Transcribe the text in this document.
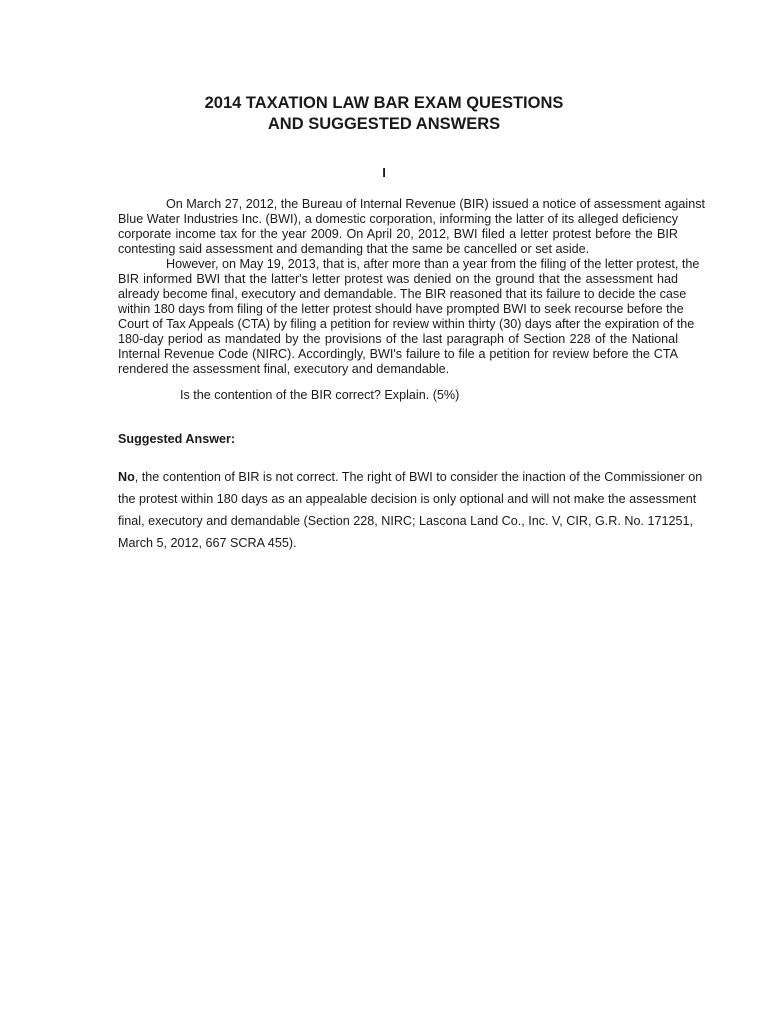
2014 TAXATION LAW BAR EXAM QUESTIONS
AND SUGGESTED ANSWERS
I
On March 27, 2012, the Bureau of Internal Revenue (BIR) issued a notice of assessment against
Blue Water Industries Inc. (BWI), a domestic corporation, informing the latter of its alleged deficiency
corporate income tax for the year 2009. On April 20, 2012, BWI filed a letter protest before the BIR
contesting said assessment and demanding that the same be cancelled or set aside.
However, on May 19, 2013, that is, after more than a year from the filing of the letter protest, the
BIR informed BWI that the latter's letter protest was denied on the ground that the assessment had
already become final, executory and demandable. The BIR reasoned that its failure to decide the case
within 180 days from filing of the letter protest should have prompted BWI to seek recourse before the
Court of Tax Appeals (CTA) by filing a petition for review within thirty (30) days after the expiration of the
180-day period as mandated by the provisions of the last paragraph of Section 228 of the National
Internal Revenue Code (NIRC). Accordingly, BWI's failure to file a petition for review before the CTA
rendered the assessment final, executory and demandable.
Is the contention of the BIR correct? Explain. (5%)
Suggested Answer:
No, the contention of BIR is not correct. The right of BWI to consider the inaction of the Commissioner on
the protest within 180 days as an appealable decision is only optional and will not make the assessment
final, executory and demandable (Section 228, NIRC; Lascona Land Co., Inc. V, CIR, G.R. No. 171251,
March 5, 2012, 667 SCRA 455).
